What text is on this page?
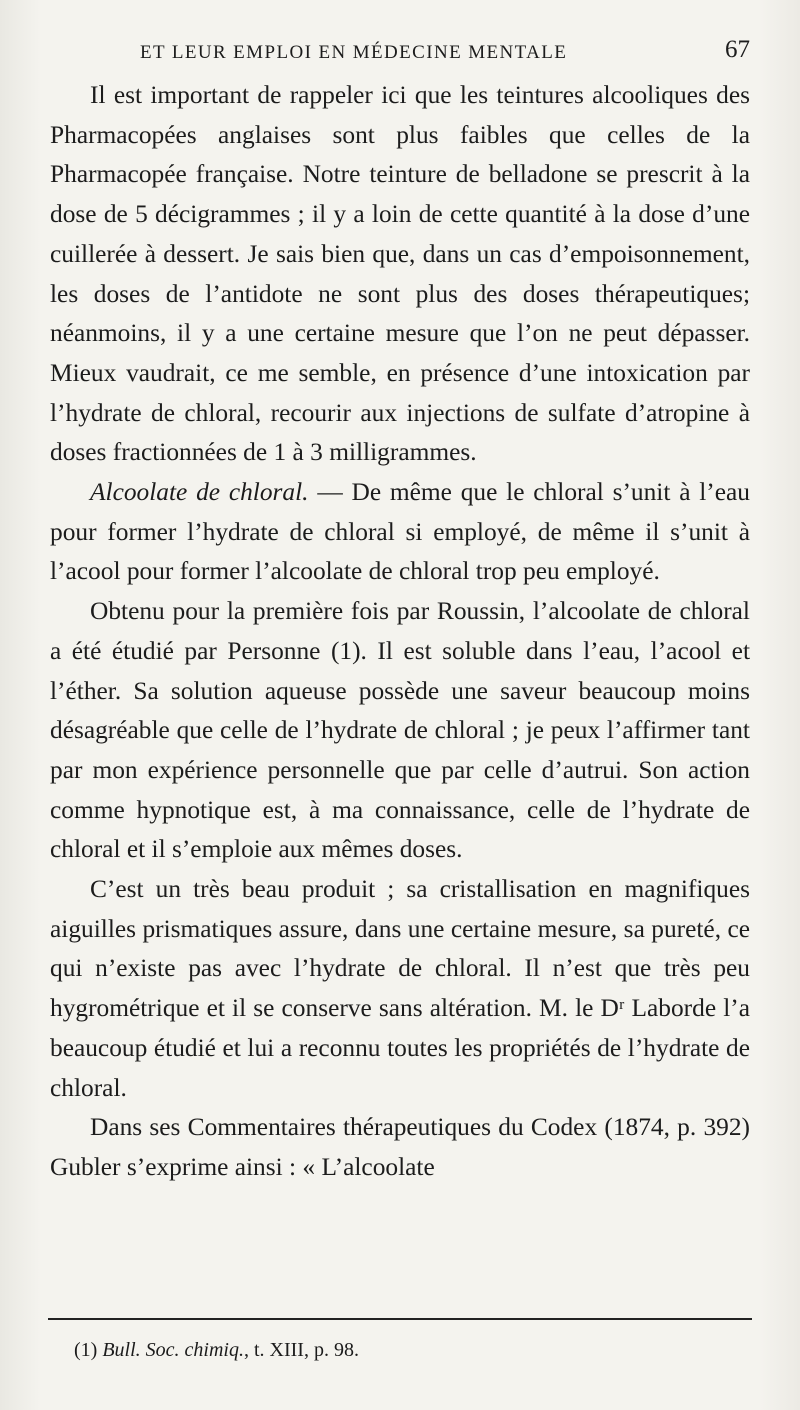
ET LEUR EMPLOI EN MÉDECINE MENTALE	67

Il est important de rappeler ici que les teintures alcooliques des Pharmacopées anglaises sont plus faibles que celles de la Pharmacopée française. Notre teinture de belladone se prescrit à la dose de 5 décigrammes ; il y a loin de cette quantité à la dose d’une cuillerée à dessert. Je sais bien que, dans un cas d’empoisonnement, les doses de l’antidote ne sont plus des doses thérapeutiques; néanmoins, il y a une certaine mesure que l’on ne peut dépasser. Mieux vaudrait, ce me semble, en présence d’une intoxication par l’hydrate de chloral, recourir aux injections de sulfate d’atropine à doses fractionnées de 1 à 3 milligrammes.

Alcoolate de chloral. — De même que le chloral s’unit à l’eau pour former l’hydrate de chloral si employé, de même il s’unit à l’acool pour former l’alcoolate de chloral trop peu employé.

Obtenu pour la première fois par Roussin, l’alcoolate de chloral a été étudié par Personne (1). Il est soluble dans l’eau, l’acool et l’éther. Sa solution aqueuse possède une saveur beaucoup moins désagréable que celle de l’hydrate de chloral ; je peux l’affirmer tant par mon expérience personnelle que par celle d’autrui. Son action comme hypnotique est, à ma connaissance, celle de l’hydrate de chloral et il s’emploie aux mêmes doses.

C’est un très beau produit ; sa cristallisation en magnifiques aiguilles prismatiques assure, dans une certaine mesure, sa pureté, ce qui n’existe pas avec l’hydrate de chloral. Il n’est que très peu hygrométrique et il se conserve sans altération. M. le Dʳ Laborde l’a beaucoup étudié et lui a reconnu toutes les propriétés de l’hydrate de chloral.

Dans ses Commentaires thérapeutiques du Codex (1874, p. 392) Gubler s’exprime ainsi : « L’alcoolate

(1) Bull. Soc. chimiq., t. XIII, p. 98.
